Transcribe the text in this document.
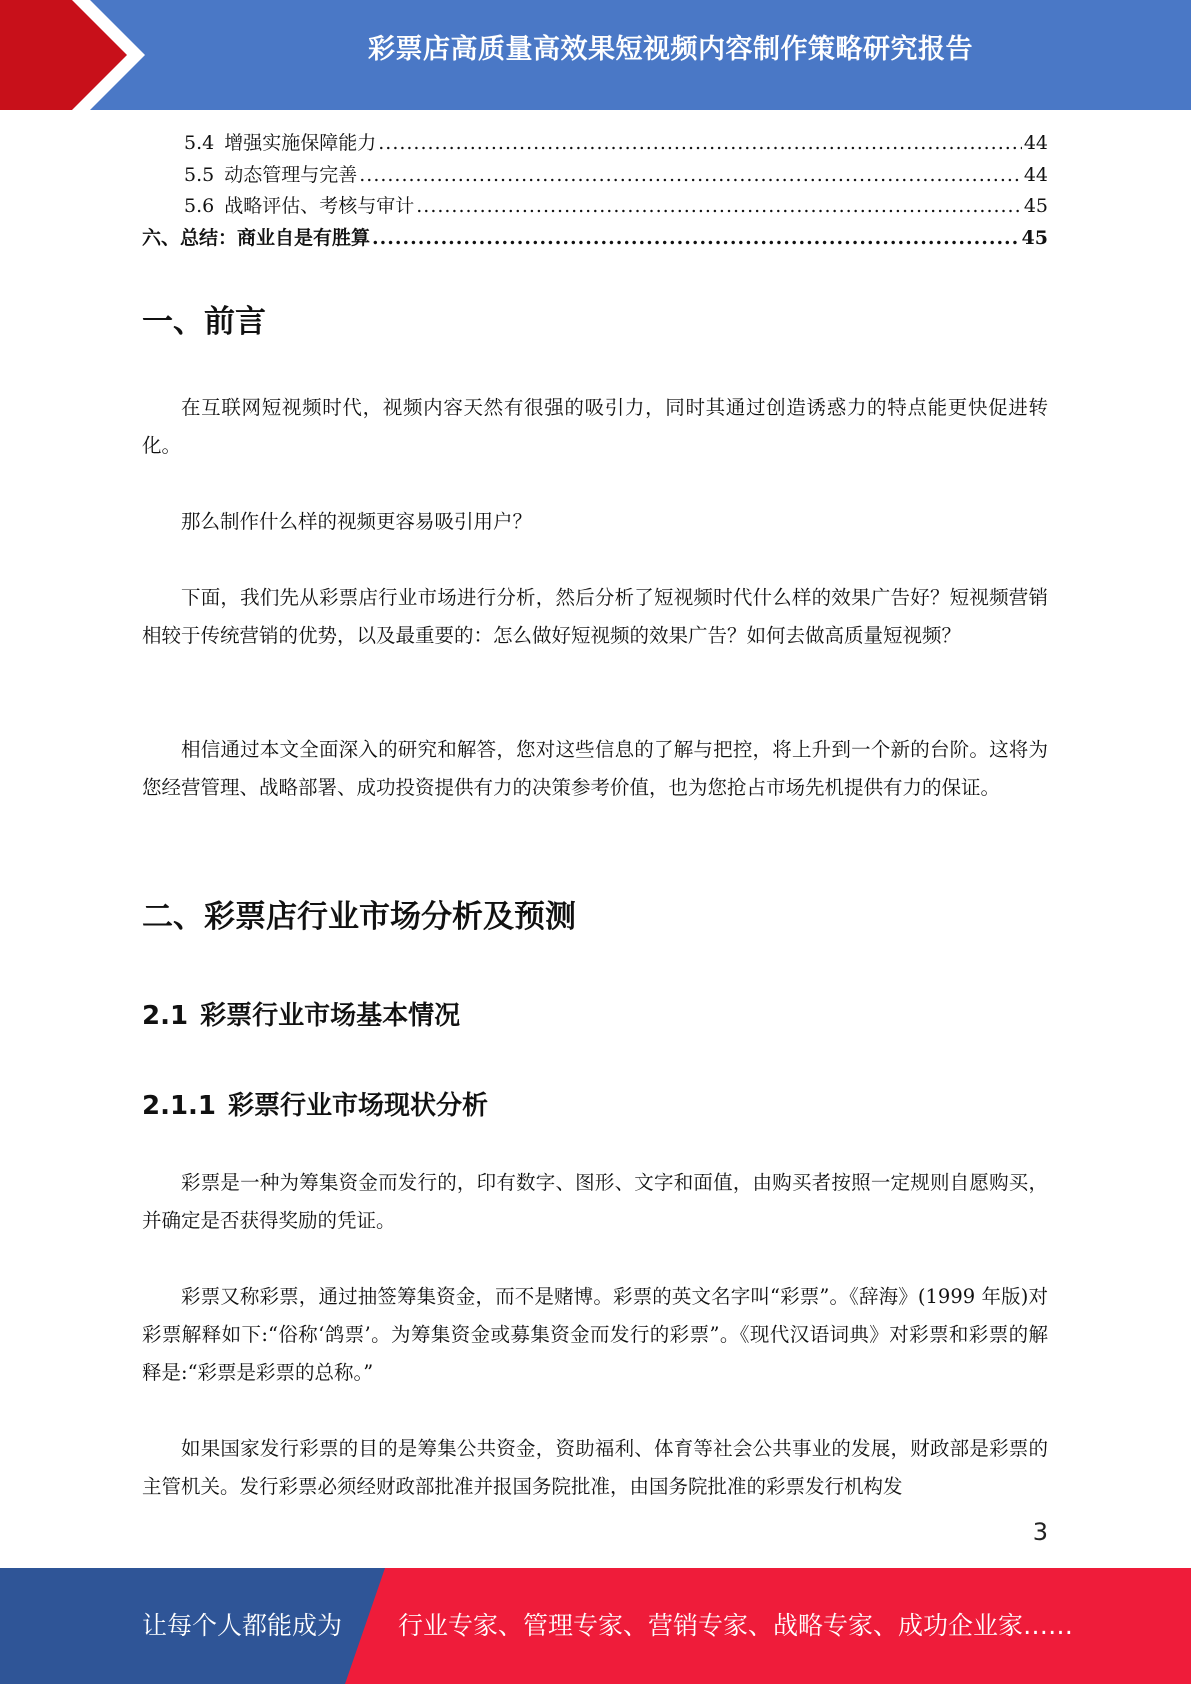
彩票店高质量高效果短视频内容制作策略研究报告
5.4 增强实施保障能力 .....	44
5.5 动态管理与完善 .....	44
5.6 战略评估、考核与审计 .....	45
六、 总结：商业自是有胜算 .....	45
一、前言

在互联网短视频时代，视频内容天然有很强的吸引力，同时其通过创造诱惑力的特点能更快促进转化。

那么制作什么样的视频更容易吸引用户？

下面，我们先从彩票店行业市场进行分析，然后分析了短视频时代什么样的效果广告好？短视频营销相较于传统营销的优势，以及最重要的：怎么做好短视频的效果广告？如何去做高质量短视频？

相信通过本文全面深入的研究和解答，您对这些信息的了解与把控，将上升到一个新的台阶。这将为您经营管理、战略部署、成功投资提供有力的决策参考价值，也为您抢占市场先机提供有力的保证。

二、彩票店行业市场分析及预测
2.1 彩票行业市场基本情况
2.1.1 彩票行业市场现状分析

彩票是一种为筹集资金而发行的，印有数字、图形、文字和面值，由购买者按照一定规则自愿购买，并确定是否获得奖励的凭证。

彩票又称彩票，通过抽签筹集资金，而不是赌博。彩票的英文名字叫“彩票”。《辞海》(1999 年版)对彩票解释如下:“俗称‘鸽票’。为筹集资金或募集资金而发行的彩票”。《现代汉语词典》对彩票和彩票的解释是:“彩票是彩票的总称。”

如果国家发行彩票的目的是筹集公共资金，资助福利、体育等社会公共事业的发展，财政部是彩票的主管机关。发行彩票必须经财政部批准并报国务院批准，由国务院批准的彩票发行机构发

3
让每个人都能成为 行业专家、管理专家、营销专家、战略专家、成功企业家……
